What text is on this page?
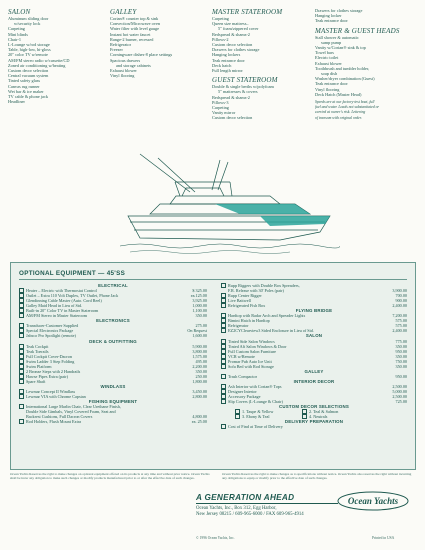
SALON
Aluminum sliding door
w/security lock
Carpeting
Mini blinds
Chair-1
L-Lounge w/rod storage
Table, high-low, hi-gloss
20" color TV w/remote
AM/FM stereo radio w/cassette/CD
Zoned air conditioning w/heating
Custom decor selection
Central vacuum system
Tinted safety glass
Canvas rug runner
Wet bar & ice maker
TV cable & phone jack
Headliner
GALLEY
Corian® counter top & sink
Convection/Microwave oven
Water filter with level gauge
Instant hot water faucet
Range-2 burner, recessed
Refrigerator
Freezer
Corningware dishes-8 place settings
Spacious drawers
and storage cabinets
Exhaust blower
Vinyl flooring
MASTER STATEROOM
Carpeting
Queen size mattress–
5" foam/zippered cover
Bedspread & shams-2
Pillows-2
Custom decor selection
Drawers for clothes storage
Hanging lockers
Teak entrance door
Deck hatch
Full length mirror
GUEST STATEROOM
Double & single berths w/polyfoam
5" mattresses & covers
Bedspread & shams-2
Pillows-3
Carpeting
Vanity mirror
Custom decor selection
Drawers for clothes storage
Hanging locker
Teak entrance door
MASTER & GUEST HEADS
Stall shower & automatic
sump pump
Vanity w/Corian® sink & top
Towel bars
Electric toilet
Exhaust blower
Toothbrush and tumbler holder,
soap dish
Washer/dryer combination (Guest)
Teak entrance door
Vinyl flooring
Deck Hatch (Master Head)
Speeds are at our factory-test boat, full
fuel and water. Loads not substantiated or
carried at owner's risk. Lettering
of transom with original order.
OPTIONAL EQUIPMENT — 45'SS
ELECTRICAL
Heater – Electric with Thermostat Control	$ 325.00
Outlet – Extra 110 Volt Duplex, TV Outlet, Phone Jack	ea.125.00
Glendinning Cable Master (Auto. Cord Reel)	3,925.00
Galley Maid Head in Lieu of Std.	1,000.00
Built-in 20" Color TV in Master Stateroom	1,100.00
AM/FM Stereo in Master Stateroom	350.00
ELECTRONICS
Transducer-Customer Supplied	275.00
Special Electronics Package	On Request
Jabsco Pro Spotlight (remote)	1,600.00
DECK & OUTFITTING
Teak Cockpit	5,900.00
Teak Toerails	3,800.00
Full Cockpit Cover-Dacron	1,575.00
Swim Ladder 3 Step Folding	495.00
Swim Platform	2,200.00
2 Bronze Steps with 2 Handrails	350.00
Hawse Pipes Extra (pair)	250.00
Spare Shaft	1,800.00
WINDLASS
Lewmar Concept II Windlass	3,450.00
Lewmar VIA with Chrome Capstan	2,800.00
FISHING EQUIPMENT
International Large Marlin Chair, Clear Urethane Finish,
Double Side Gimbals, Vinyl Covered Foam, Seat and
Backrest Cushions, Full Dacron Covers	4,800.00
Rod Holders, Flush Mount Extra	ea. 25.00
Rupp Riggers with Double Box Spreaders,
F.R. Release with 30' Poles (pair)	3,900.00
Rupp Center Rigger	700.00
Live Baitwell	900.00
Refrigerated Fish Box	2,400.00
FLYING BRIDGE
Hardtop with Radar Arch and Spreader Lights	7,200.00
Bimini Hatch in Hardtop	575.00
Refrigerator	575.00
EZ2CYClearview3 Sided Enclosure in Lieu of Std.	2,400.00
SALON
Tinted Side Salon Windows	775.00
Tinted Aft Salon Windows & Door	350.00
Full Custom Salon Furniture	950.00
VCR w/Remote	350.00
Promar Pub Auto Ice Unit	750.00
Sofa Bed with Rod Storage	350.00
GALLEY
Trash Compactor	950.00
INTERIOR DECOR
Ash Interior with Corian® Tops	2,500.00
Designer Interior	5,000.00
Accessory Package	2,500.00
Slip Covers (L-Lounge & Chair)	725.00
CUSTOM DECOR SELECTIONS
1. Taupe & Yellow	2. Teal & Salmon
3. Ebony & Teal	4. Neutrals
DELIVERY PREPARATION
Cost of Find at Time of Delivery
Ocean Yachts Reserves the right to make changes on optional equipment offered on its products at any time and without prior notice. Ocean Yachts shall be incur any obligation to make such changes or modify products manufactured prior to or after the effective date of such changes.
Ocean Yachts Reserves the right to make changes as to specifications without notice. Ocean Yachts also reserves the right without incurring any obligations to equip or modify prior to the effective date of such changes.
A GENERATION AHEAD
Ocean Yachts, Inc., Box 312, Egg Harbor,
New Jersey 08215 / 609-965-6000 / FAX 609-965-4914
Ocean Yachts
© 1996 Ocean Yachts, Inc.	Printed in USA
